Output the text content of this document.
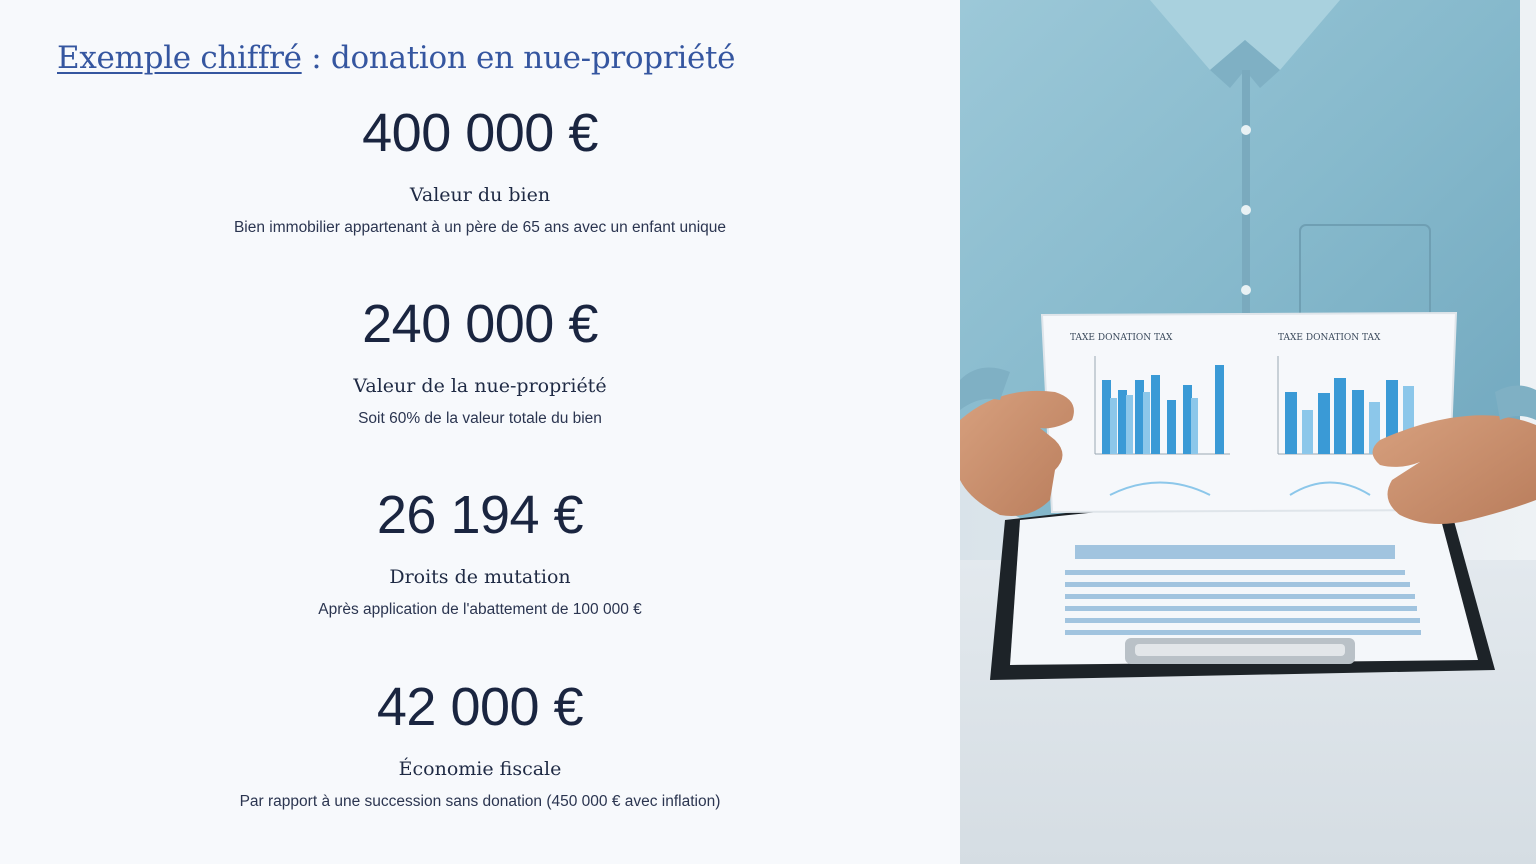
Exemple chiffré : donation en nue-propriété
400 000 €
Valeur du bien
Bien immobilier appartenant à un père de 65 ans avec un enfant unique
240 000 €
Valeur de la nue-propriété
Soit 60% de la valeur totale du bien
26 194 €
Droits de mutation
Après application de l'abattement de 100 000 €
42 000 €
Économie fiscale
Par rapport à une succession sans donation (450 000 € avec inflation)
TAXE DONATION TAX	TAXE DONATION TAX
